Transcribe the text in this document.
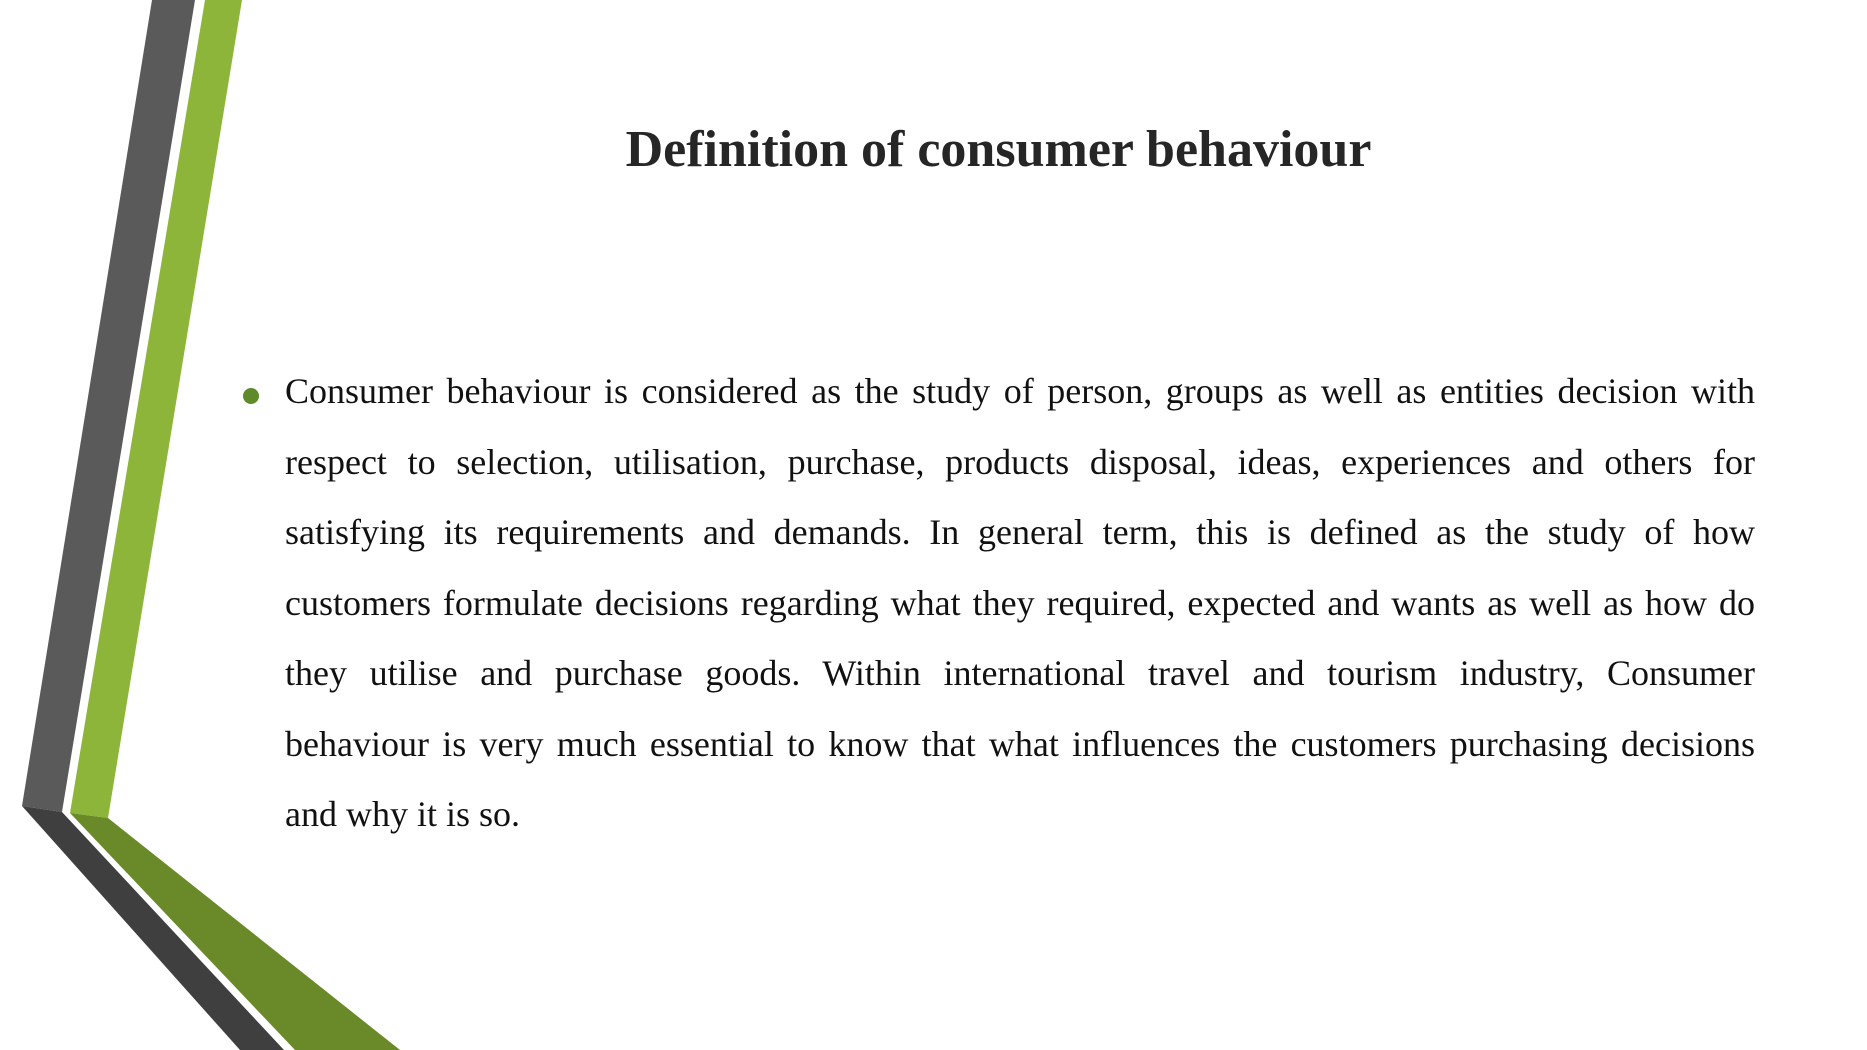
Definition of consumer behaviour
Consumer behaviour is considered as the study of person, groups as well as entities decision with respect to selection, utilisation, purchase, products disposal, ideas, experiences and others for satisfying its requirements and demands. In general term, this is defined as the study of how customers formulate decisions regarding what they required, expected and wants as well as how do they utilise and purchase goods. Within international travel and tourism industry, Consumer behaviour is very much essential to know that what influences the customers purchasing decisions and why it is so.
